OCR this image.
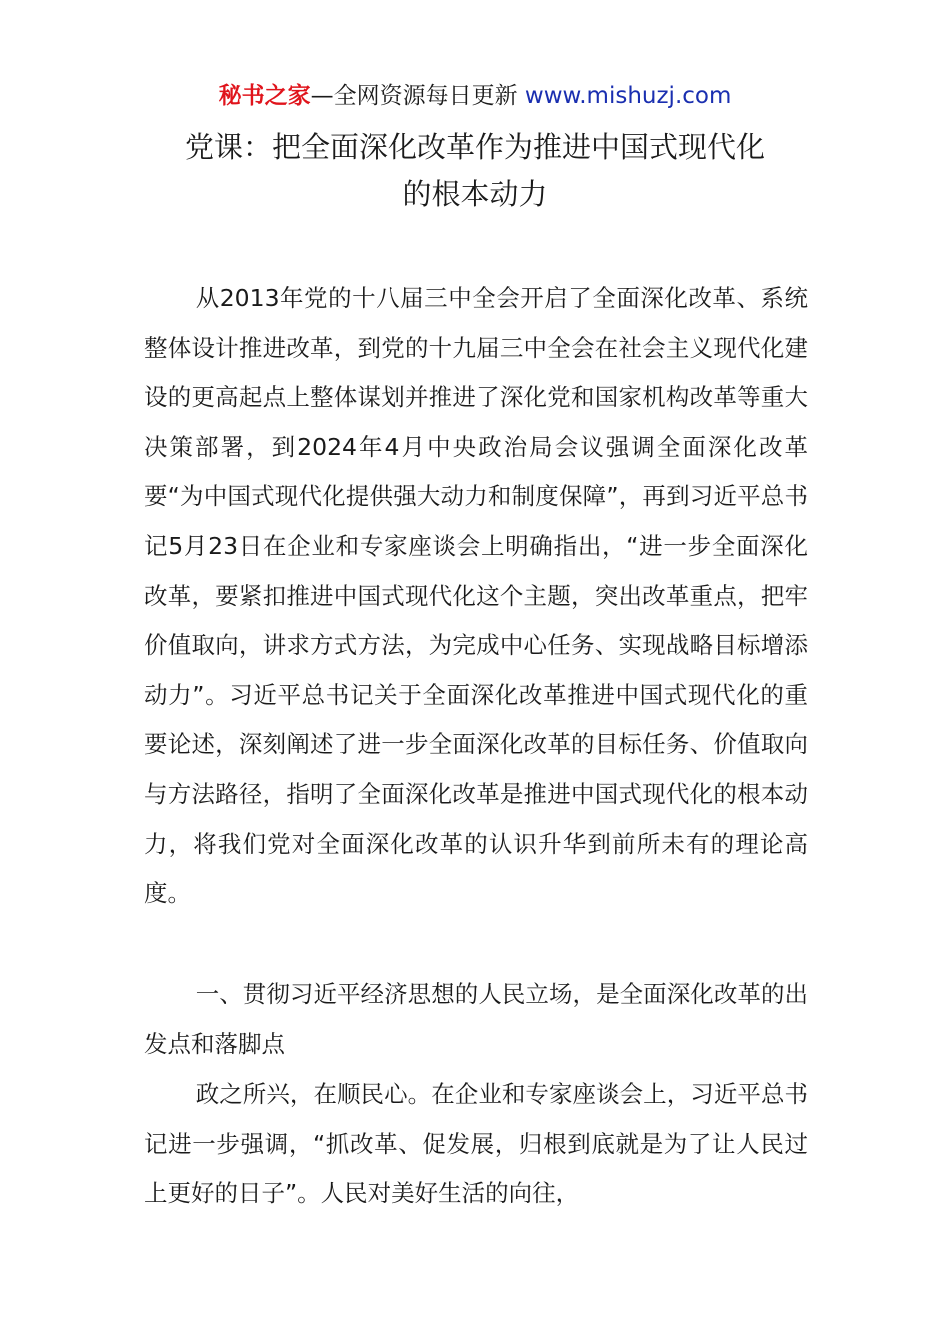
秘书之家—全网资源每日更新 www.mishuzj.com
党课：把全面深化改革作为推进中国式现代化
的根本动力

从2013年党的十八届三中全会开启了全面深化改革、系统整体设计推进改革，到党的十九届三中全会在社会主义现代化建设的更高起点上整体谋划并推进了深化党和国家机构改革等重大决策部署，到2024年4月中央政治局会议强调全面深化改革要“为中国式现代化提供强大动力和制度保障”，再到习近平总书记5月23日在企业和专家座谈会上明确指出，“进一步全面深化改革，要紧扣推进中国式现代化这个主题，突出改革重点，把牢价值取向，讲求方式方法，为完成中心任务、实现战略目标增添动力”。习近平总书记关于全面深化改革推进中国式现代化的重要论述，深刻阐述了进一步全面深化改革的目标任务、价值取向与方法路径，指明了全面深化改革是推进中国式现代化的根本动力，将我们党对全面深化改革的认识升华到前所未有的理论高度。

一、贯彻习近平经济思想的人民立场，是全面深化改革的出发点和落脚点

政之所兴，在顺民心。在企业和专家座谈会上，习近平总书记进一步强调，“抓改革、促发展，归根到底就是为了让人民过上更好的日子”。人民对美好生活的向往，
